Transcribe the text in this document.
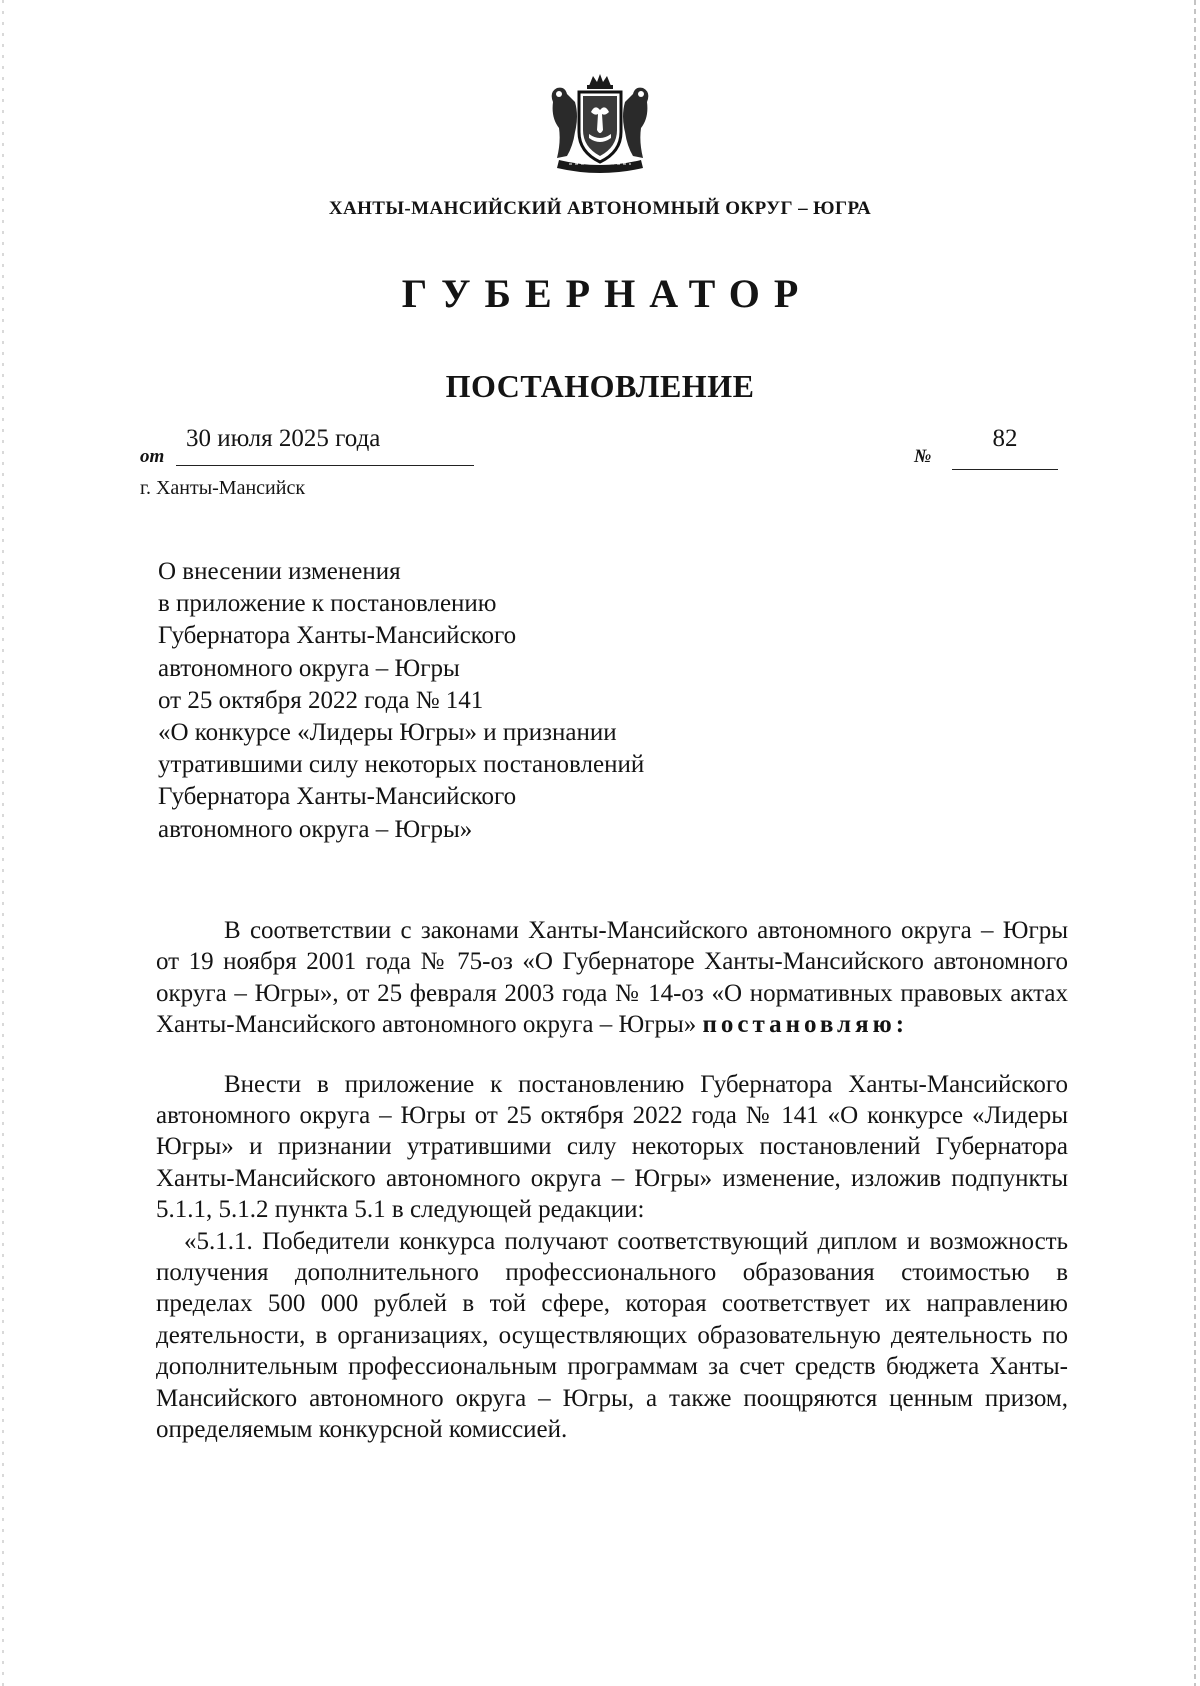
ХАНТЫ-МАНСИЙСКИЙ АВТОНОМНЫЙ ОКРУГ – ЮГРА
ГУБЕРНАТОР
ПОСТАНОВЛЕНИЕ
от
30 июля 2025 года
№
82
г. Ханты-Мансийск
О внесении изменения
в приложение к постановлению
Губернатора Ханты-Мансийского
автономного округа – Югры
от 25 октября 2022 года № 141
«О конкурсе «Лидеры Югры» и признании
утратившими силу некоторых постановлений
Губернатора Ханты-Мансийского
автономного округа – Югры»

В соответствии с законами Ханты-Мансийского автономного округа – Югры от 19 ноября 2001 года № 75-оз «О Губернаторе Ханты-Мансийского автономного округа – Югры», от 25 февраля 2003 года № 14-оз «О нормативных правовых актах Ханты-Мансийского автономного округа – Югры» постановляю:

Внести в приложение к постановлению Губернатора Ханты-Мансийского автономного округа – Югры от 25 октября 2022 года № 141 «О конкурсе «Лидеры Югры» и признании утратившими силу некоторых постановлений Губернатора Ханты-Мансийского автономного округа – Югры» изменение, изложив подпункты 5.1.1, 5.1.2 пункта 5.1 в следующей редакции:

«5.1.1. Победители конкурса получают соответствующий диплом и возможность получения дополнительного профессионального образования стоимостью в пределах 500 000 рублей в той сфере, которая соответствует их направлению деятельности, в организациях, осуществляющих образовательную деятельность по дополнительным профессиональным программам за счет средств бюджета Ханты-Мансийского автономного округа – Югры, а также поощряются ценным призом, определяемым конкурсной комиссией.
